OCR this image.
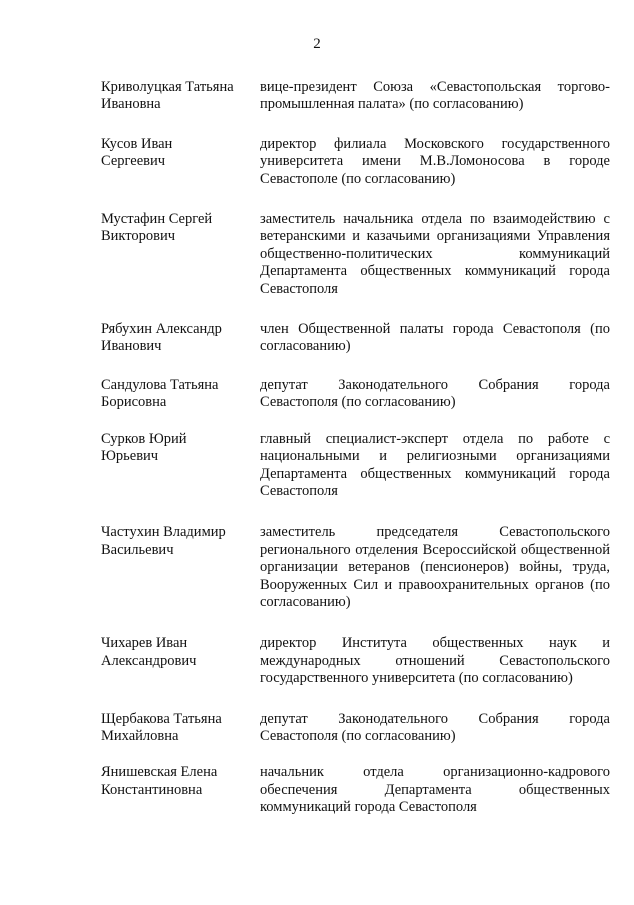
2
Криволуцкая Татьяна
Ивановна
вице-президент Союза «Севастопольская торгово-промышленная палата» (по согласованию)
Кусов Иван
Сергеевич
директор филиала Московского государственного университета имени М.В.Ломоносова в городе Севастополе (по согласованию)
Мустафин Сергей
Викторович
заместитель начальника отдела по взаимодействию с ветеранскими и казачьими организациями Управления общественно-политических коммуникаций Департамента общественных коммуникаций города Севастополя
Рябухин Александр
Иванович
член Общественной палаты города Севастополя (по согласованию)
Сандулова Татьяна
Борисовна
депутат Законодательного Собрания города Севастополя (по согласованию)
Сурков Юрий
Юрьевич
главный специалист-эксперт отдела по работе с национальными и религиозными организациями Департамента общественных коммуникаций города Севастополя
Частухин Владимир
Васильевич
заместитель председателя Севастопольского регионального отделения Всероссийской общественной организации ветеранов (пенсионеров) войны, труда, Вооруженных Сил и правоохранительных органов (по согласованию)
Чихарев Иван
Александрович
директор Института общественных наук и международных отношений Севастопольского государственного университета (по согласованию)
Щербакова Татьяна
Михайловна
депутат Законодательного Собрания города Севастополя (по согласованию)
Янишевская Елена
Константиновна
начальник отдела организационно-кадрового обеспечения Департамента общественных коммуникаций города Севастополя
